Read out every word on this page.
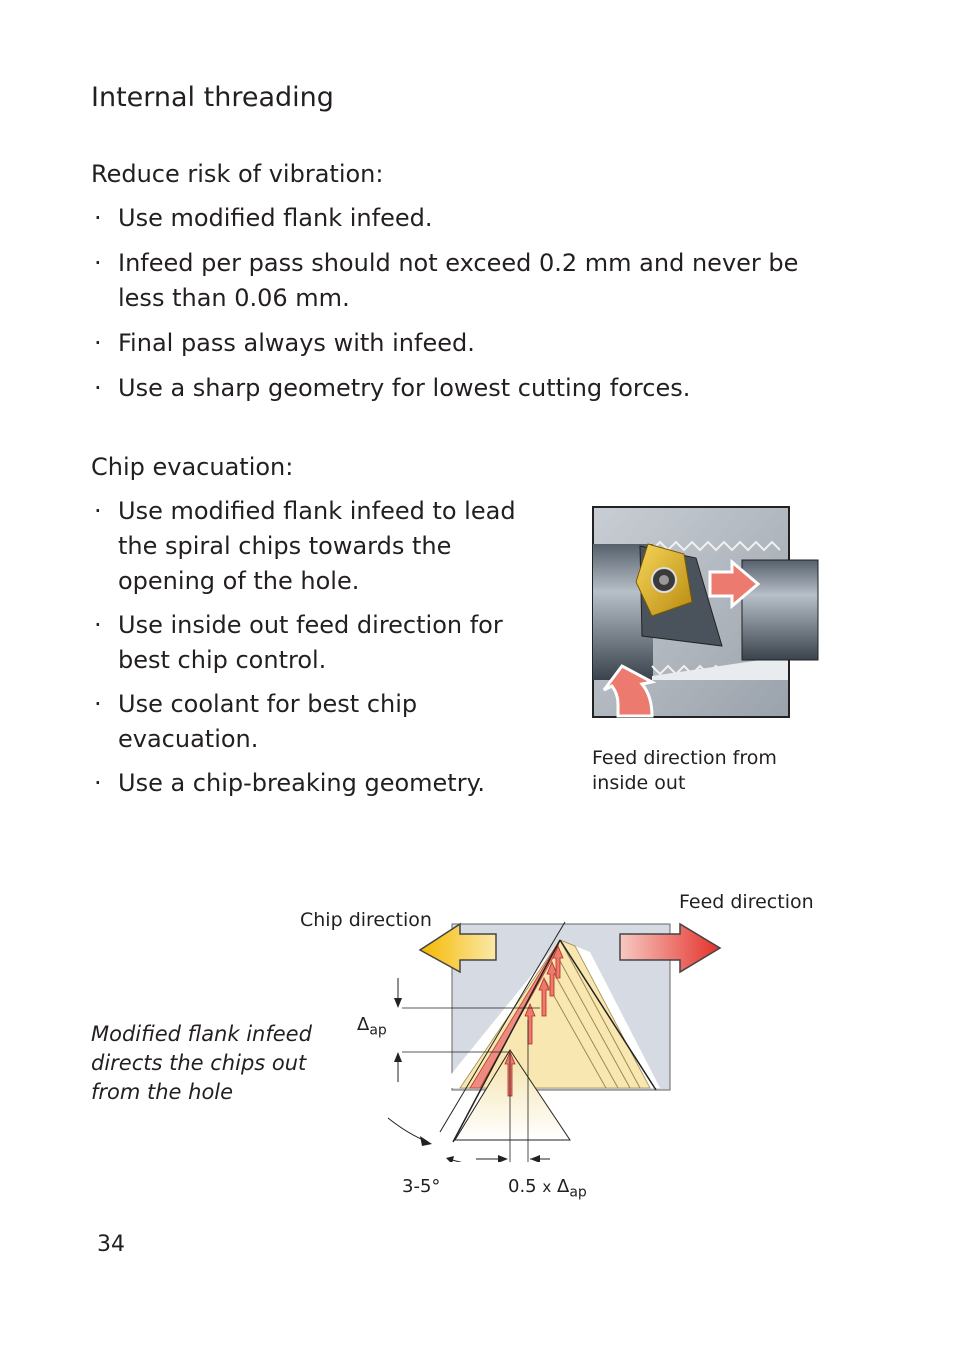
Internal threading

Reduce risk of vibration:

· Use modified flank infeed.
· Infeed per pass should not exceed 0.2 mm and never be less than 0.06 mm.
· Final pass always with infeed.
· Use a sharp geometry for lowest cutting forces.

Chip evacuation:

· Use modified flank infeed to lead the spiral chips towards the opening of the hole.
· Use inside out feed direction for best chip control.
· Use coolant for best chip evacuation.
· Use a chip-breaking geometry.
Feed direction from inside out
Chip direction
Feed direction
Modified flank infeed directs the chips out from the hole
$\Delta_{ap}$
3-5°	0.5 x $\Delta_{ap}$
34
